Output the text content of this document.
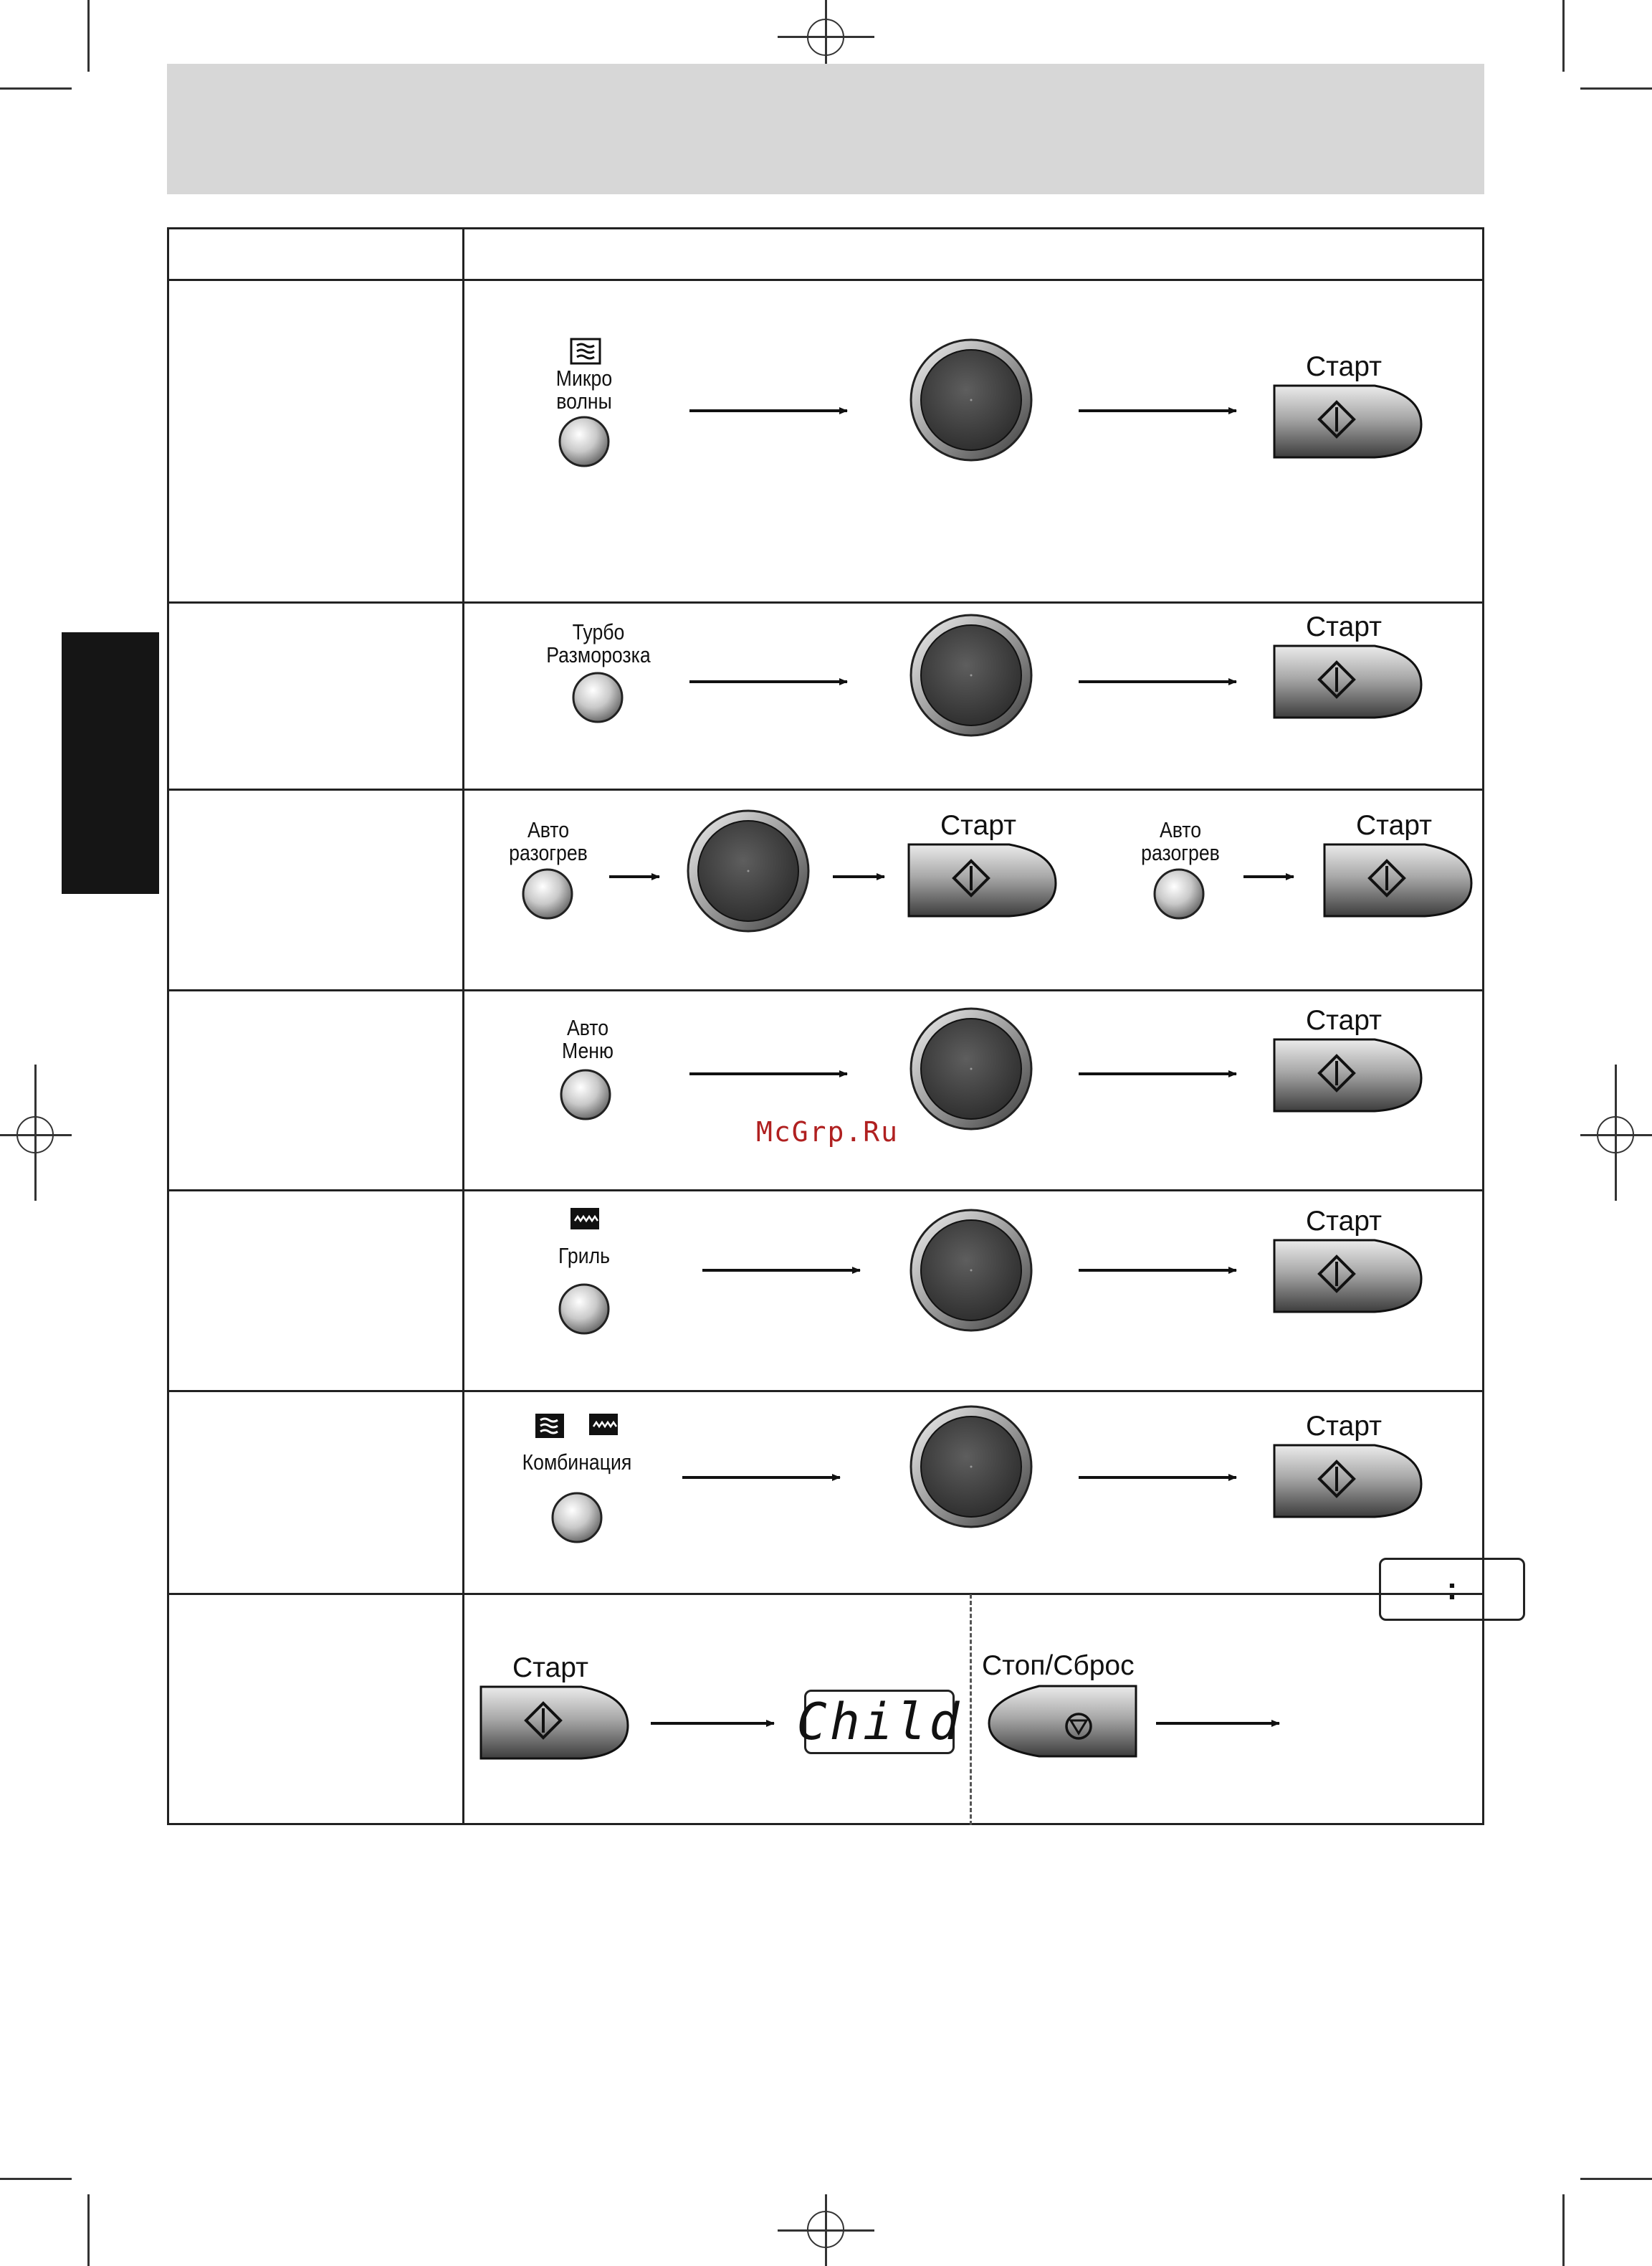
Микро
волны
Старт
Турбо
Разморозка
Старт
Авто
разогрев
Старт	Авто
разогрев
Старт
Авто
Меню
Старт
Гриль
Старт
Комбинация
Старт
Старт
Child
Стоп/Сброс
:
McGrp.Ru
